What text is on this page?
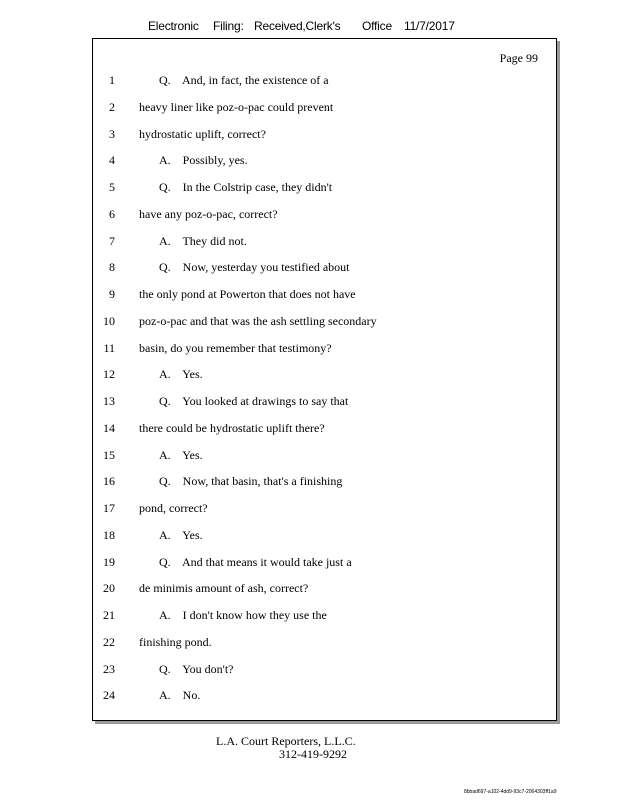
Electronic Filing: Received,Clerk's Office 11/7/2017
Page 99
1	Q.    And, in fact, the existence of a
2 heavy liner like poz-o-pac could prevent
3 hydrostatic uplift, correct?
4	A.    Possibly, yes.
5	Q.    In the Colstrip case, they didn't
6 have any poz-o-pac, correct?
7	A.    They did not.
8	Q.    Now, yesterday you testified about
9 the only pond at Powerton that does not have
10 poz-o-pac and that was the ash settling secondary
11 basin, do you remember that testimony?
12	A.    Yes.
13	Q.    You looked at drawings to say that
14 there could be hydrostatic uplift there?
15	A.    Yes.
16	Q.    Now, that basin, that's a finishing
17 pond, correct?
18	A.    Yes.
19	Q.    And that means it would take just a
20 de minimis amount of ash, correct?
21	A.    I don't know how they use the
22 finishing pond.
23	Q.    You don't?
24	A.    No.
L.A. Court Reporters, L.L.C.
312-419-9292
8bbad697-a102-4dd9-93c7-2064303ff1a9
